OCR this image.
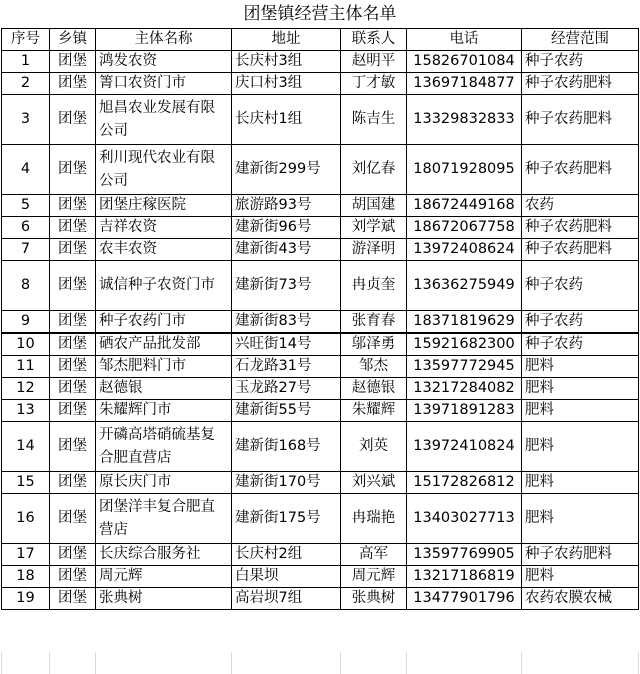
团堡镇经营主体名单
序号	乡镇	主体名称	地址	联系人	电话	经营范围
1	团堡	鸿发农资	长庆村3组	赵明平	15826701084	种子农药
2	团堡	箐口农资门市	庆口村3组	丁才敏	13697184877	种子农药肥料
3	团堡	旭昌农业发展有限公司	长庆村1组	陈吉生	13329832833	种子农药肥料
4	团堡	利川现代农业有限公司	建新街299号	刘亿春	18071928095	种子农药肥料
5	团堡	团堡庄稼医院	旅游路93号	胡国建	18672449168	农药
6	团堡	吉祥农资	建新街96号	刘学斌	18672067758	种子农药肥料
7	团堡	农丰农资	建新街43号	游泽明	13972408624	种子农药肥料
8	团堡	诚信种子农资门市	建新街73号	冉贞奎	13636275949	种子农药
9	团堡	种子农药门市	建新街83号	张育春	18371819629	种子农药
10	团堡	硒农产品批发部	兴旺街14号	邬泽勇	15921682300	种子农药
11	团堡	邹杰肥料门市	石龙路31号	邹杰	13597772945	肥料
12	团堡	赵德银	玉龙路27号	赵德银	13217284082	肥料
13	团堡	朱耀辉门市	建新街55号	朱耀辉	13971891283	肥料
14	团堡	开磷高塔硝硫基复合肥直营店	建新街168号	刘英	13972410824	肥料
15	团堡	原长庆门市	建新街170号	刘兴斌	15172826812	肥料
16	团堡	团堡洋丰复合肥直营店	建新街175号	冉瑞艳	13403027713	肥料
17	团堡	长庆综合服务社	长庆村2组	高军	13597769905	种子农药肥料
18	团堡	周元辉	白果坝	周元辉	13217186819	肥料
19	团堡	张典树	高岩坝7组	张典树	13477901796	农药农膜农械
